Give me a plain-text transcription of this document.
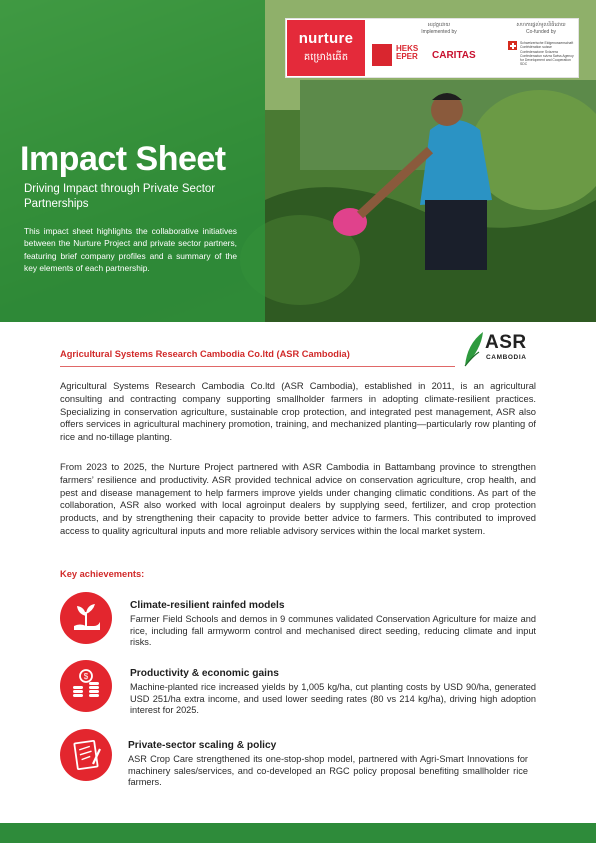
Impact Sheet
Driving Impact through Private Sector Partnerships

This impact sheet highlights the collaborative initiatives between the Nurture Project and private sector partners, featuring brief company profiles and a summary of the key elements of each partnership.

nurture
គម្រោងឆើត
អនុវត្តដោយ
Implemented by
HEKS EPER	CARITAS
សហការផ្តល់មូលនិធិដោយ
Co-funded by
Schweizerische Eidgenossenschaft Confédération suisse Confederazione Svizzera Confederaziun svizra Swiss Agency for Development and Cooperation SDC
Agricultural Systems Research Cambodia Co.ltd (ASR Cambodia)
ASR
CAMBODIA

Agricultural Systems Research Cambodia Co.ltd (ASR Cambodia), established in 2011, is an agricultural consulting and contracting company supporting smallholder farmers in adopting climate-resilient practices. Specializing in conservation agriculture, sustainable crop protection, and integrated pest management, ASR also offers services in agricultural machinery promotion, training, and mechanized planting—particularly row planting of rice and no-tillage planting.

From 2023 to 2025, the Nurture Project partnered with ASR Cambodia in Battambang province to strengthen farmers’ resilience and productivity. ASR provided technical advice on conservation agriculture, crop health, and pest and disease management to help farmers improve yields under changing climatic conditions. As part of the collaboration, ASR also worked with local agroinput dealers by supplying seed, fertilizer, and crop protection products, and by strengthening their capacity to provide better advice to farmers. This contributed to improved access to quality agricultural inputs and more reliable advisory services within the local market system.

Key achievements:
Climate-resilient rainfed models
Farmer Field Schools and demos in 9 communes validated Conservation Agriculture for maize and rice, including fall armyworm control and mechanised direct seeding, reducing climate and input risks.
$	Productivity & economic gains
Machine-planted rice increased yields by 1,005 kg/ha, cut planting costs by USD 90/ha, generated USD 251/ha extra income, and used lower seeding rates (80 vs 214 kg/ha), driving high adoption interest for 2025.
Private-sector scaling & policy
ASR Crop Care strengthened its one-stop-shop model, partnered with Agri-Smart Innovations for machinery sales/services, and co-developed an RGC policy proposal benefiting smallholder rice farmers.
